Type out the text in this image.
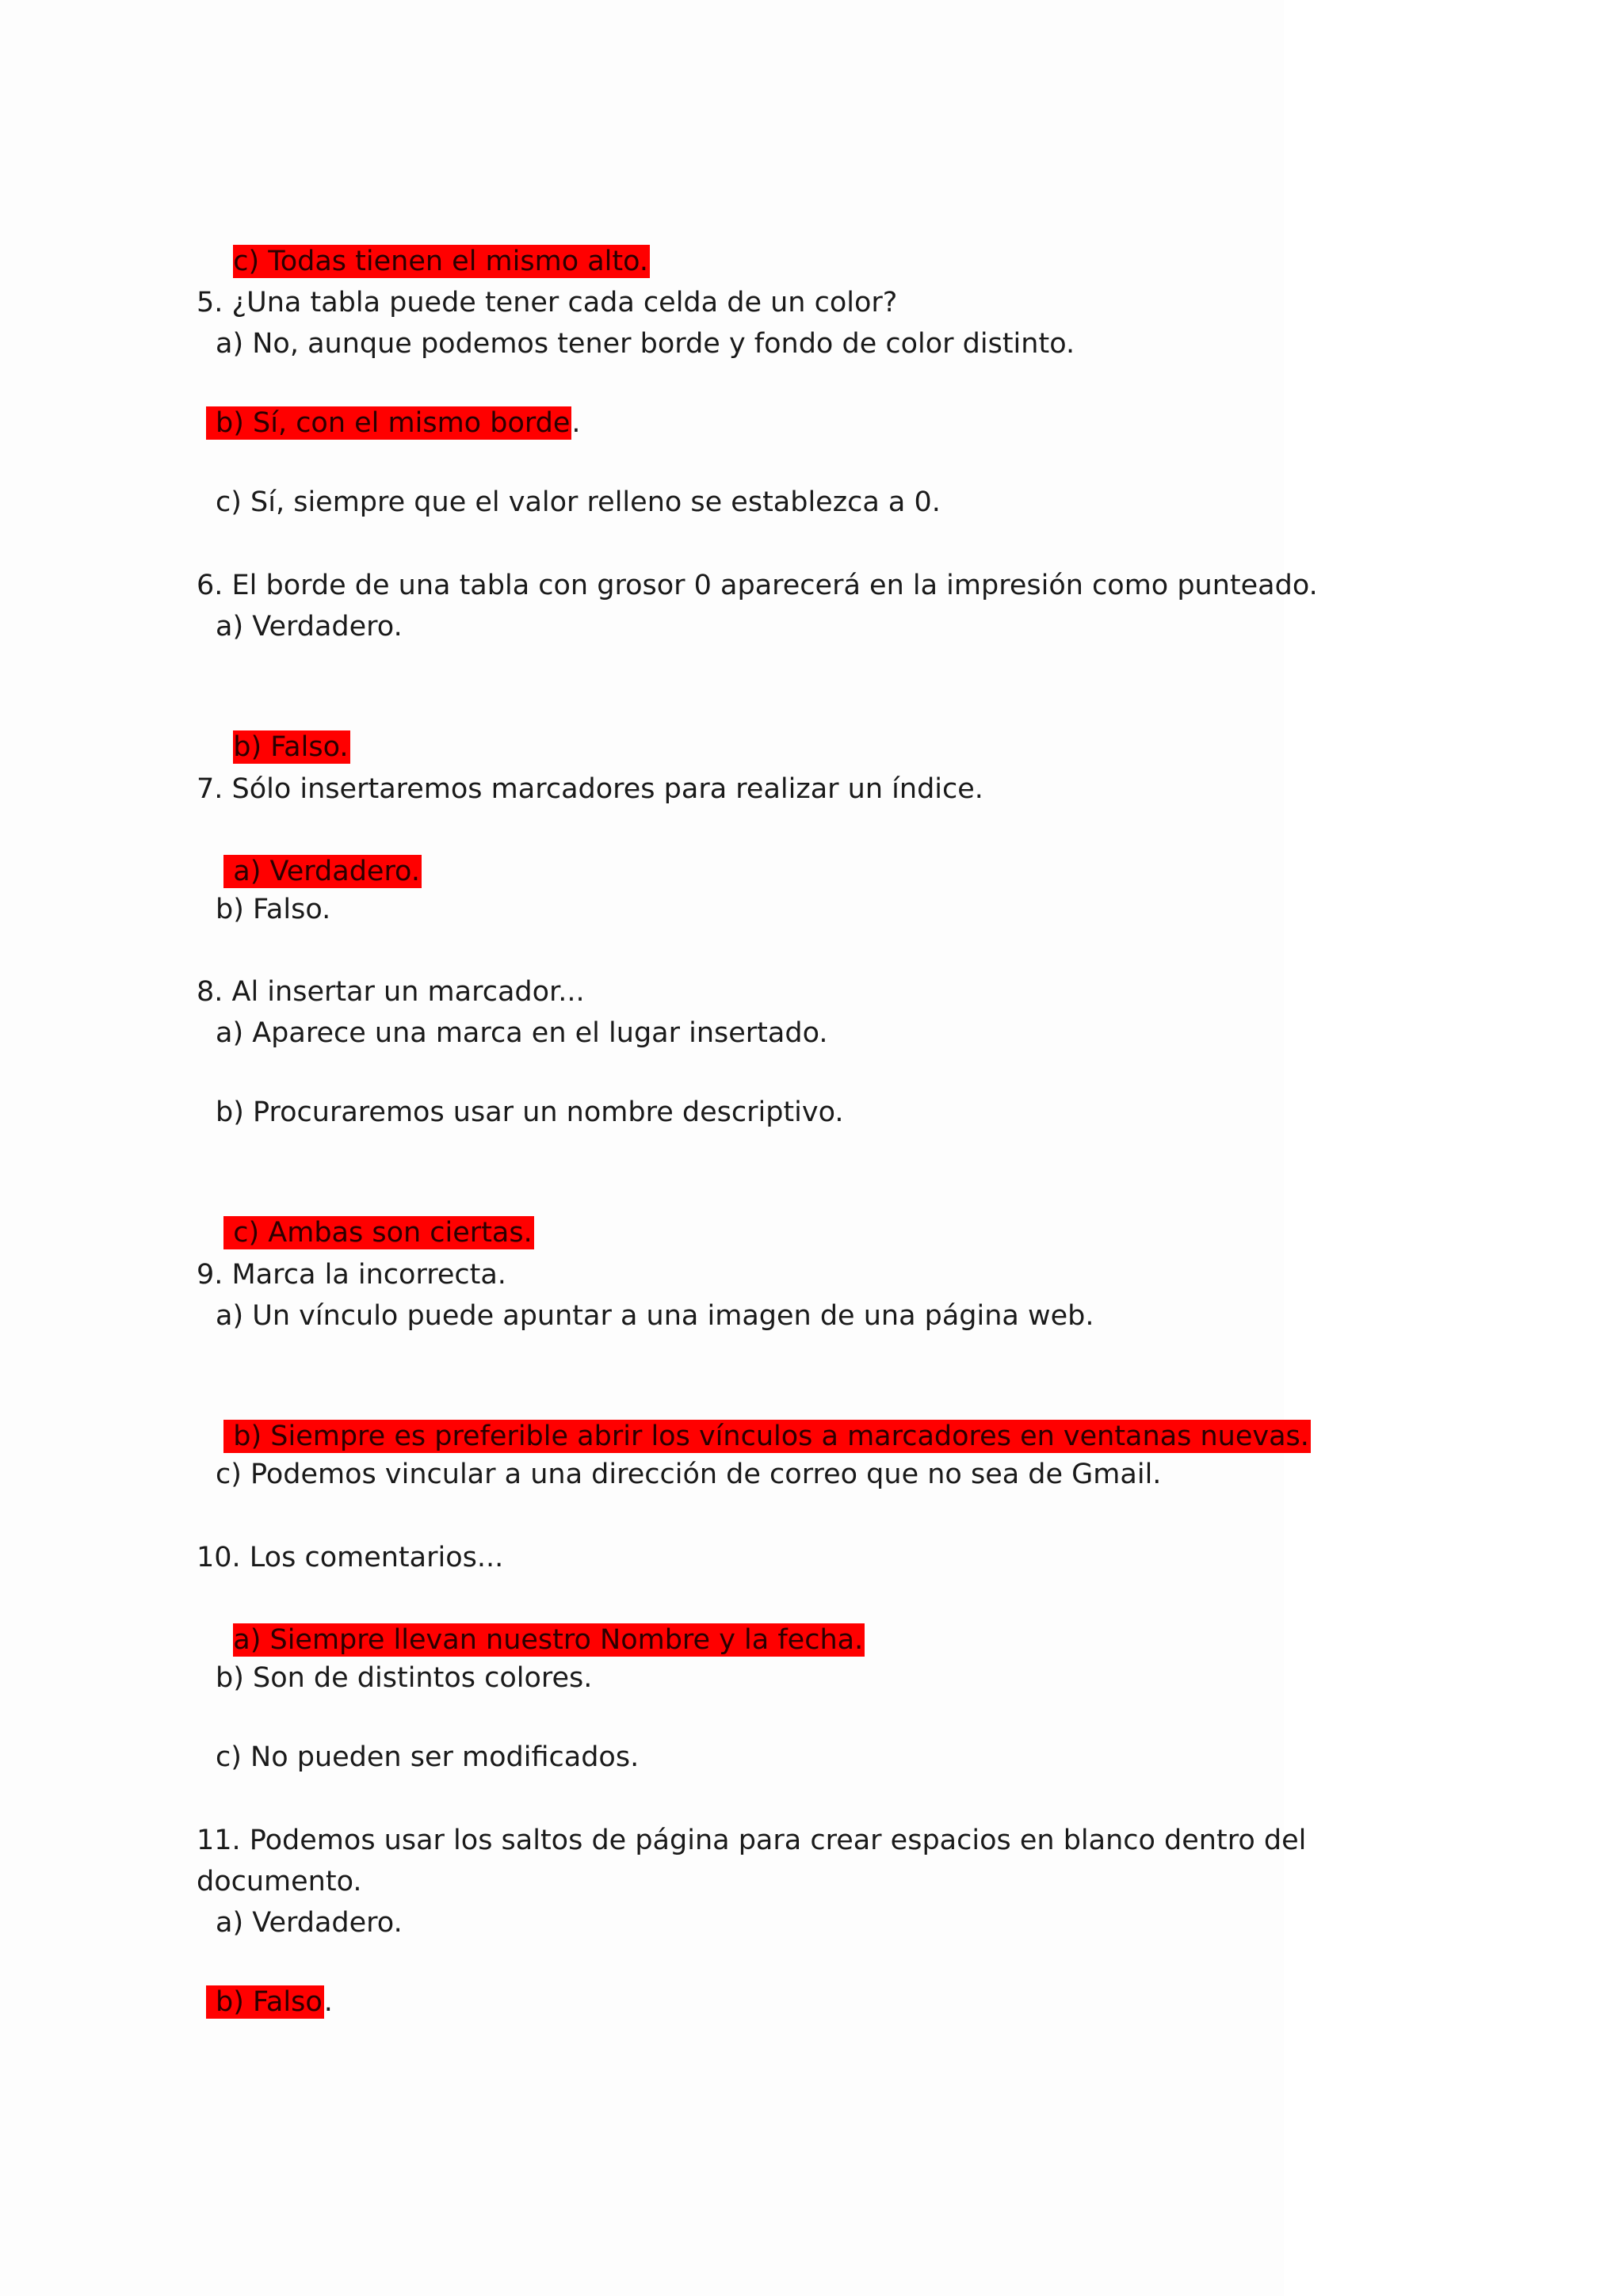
c) Todas tienen el mismo alto.

5. ¿Una tabla puede tener cada celda de un color?
a) No, aunque podemos tener borde y fondo de color distinto.
b) Sí, con el mismo borde.
c) Sí, siempre que el valor relleno se establezca a 0.
6. El borde de una tabla con grosor 0 aparecerá en la impresión como punteado.
a) Verdadero.

b) Falso.

7. Sólo insertaremos marcadores para realizar un índice.

a) Verdadero.

b) Falso.
8. Al insertar un marcador...
a) Aparece una marca en el lugar insertado.
b) Procuraremos usar un nombre descriptivo.

c) Ambas son ciertas.

9. Marca la incorrecta.
a) Un vínculo puede apuntar a una imagen de una página web.

b) Siempre es preferible abrir los vínculos a marcadores en ventanas nuevas.

c) Podemos vincular a una dirección de correo que no sea de Gmail.
10. Los comentarios...

a) Siempre llevan nuestro Nombre y la fecha.

b) Son de distintos colores.
c) No pueden ser modificados.
11. Podemos usar los saltos de página para crear espacios en blanco dentro del
documento.
a) Verdadero.
b) Falso.
